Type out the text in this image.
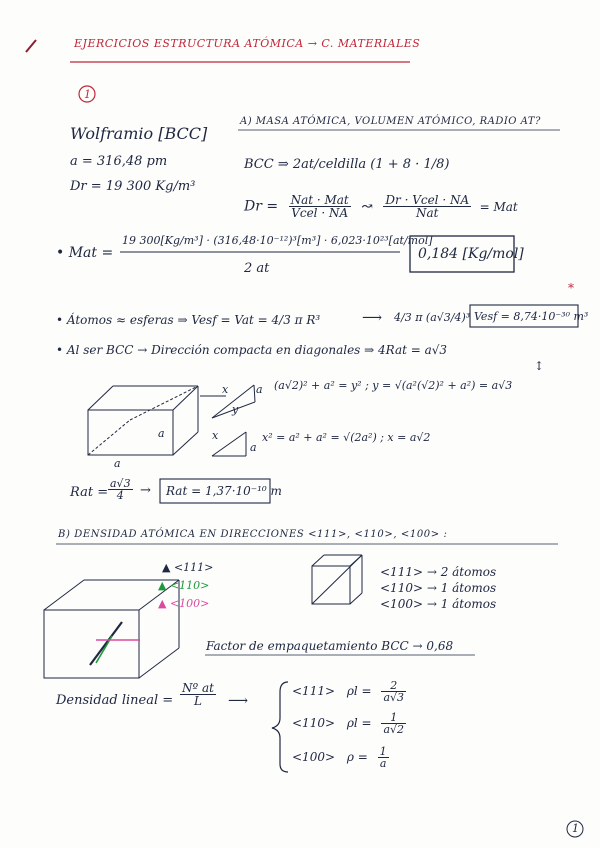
*
EJERCICIOS ESTRUCTURA ATÓMICA → C. MATERIALES
1
A) MASA ATÓMICA, VOLUMEN ATÓMICO, RADIO AT?
Wolframio [BCC]
a = 316,48 pm
Dr = 19 300 Kg/m³
BCC ⇒ 2at/celdilla (1 + 8 · 1/8)
$Dr = \frac{\text{Nat · Mat}}{\text{Vcel · NA}}$ ↝ $\frac{\text{Dr · Vcel · NA}}{\text{Nat}}$ = Mat
• Mat =
19 300[Kg/m³] · (316,48·10⁻¹²)³[m³] · 6,023·10²³[at/mol]
2 at
0,184 [Kg/mol]
• Átomos ≈ esferas ⇒ Vesf = Vat = 4/3 π R³	⟶ 4/3 π (a√3/4)³ Vesf = 8,74·10⁻³⁰ m³
• Al ser BCC → Dirección compacta en diagonales ⇒ 4Rat = a√3
↕
(a√2)² + a² = y² ; y = √(a²(√2)² + a²) = a√3
x² = a² + a² = √(2a²) ; x = a√2
a
a
x	a
y
x
a
Rat = $\frac{a√3}{4}$ → Rat = 1,37·10⁻¹⁰ m
B) DENSIDAD ATÓMICA EN DIRECCIONES <111>, <110>, <100> :
▲ <111>
▲ <110>
▲ <100>
<111> → 2 átomos
<110> → 1 átomos
<100> → 1 átomos
Factor de empaquetamiento BCC → 0,68
Densidad lineal = $\frac{\text{Nº at}}{L}$ ⟶
$<111> \rho l = \frac{2}{a√3}$
$<110> \rho l = \frac{1}{a√2}$
$<100> \rho = \frac{1}{a}$
1
